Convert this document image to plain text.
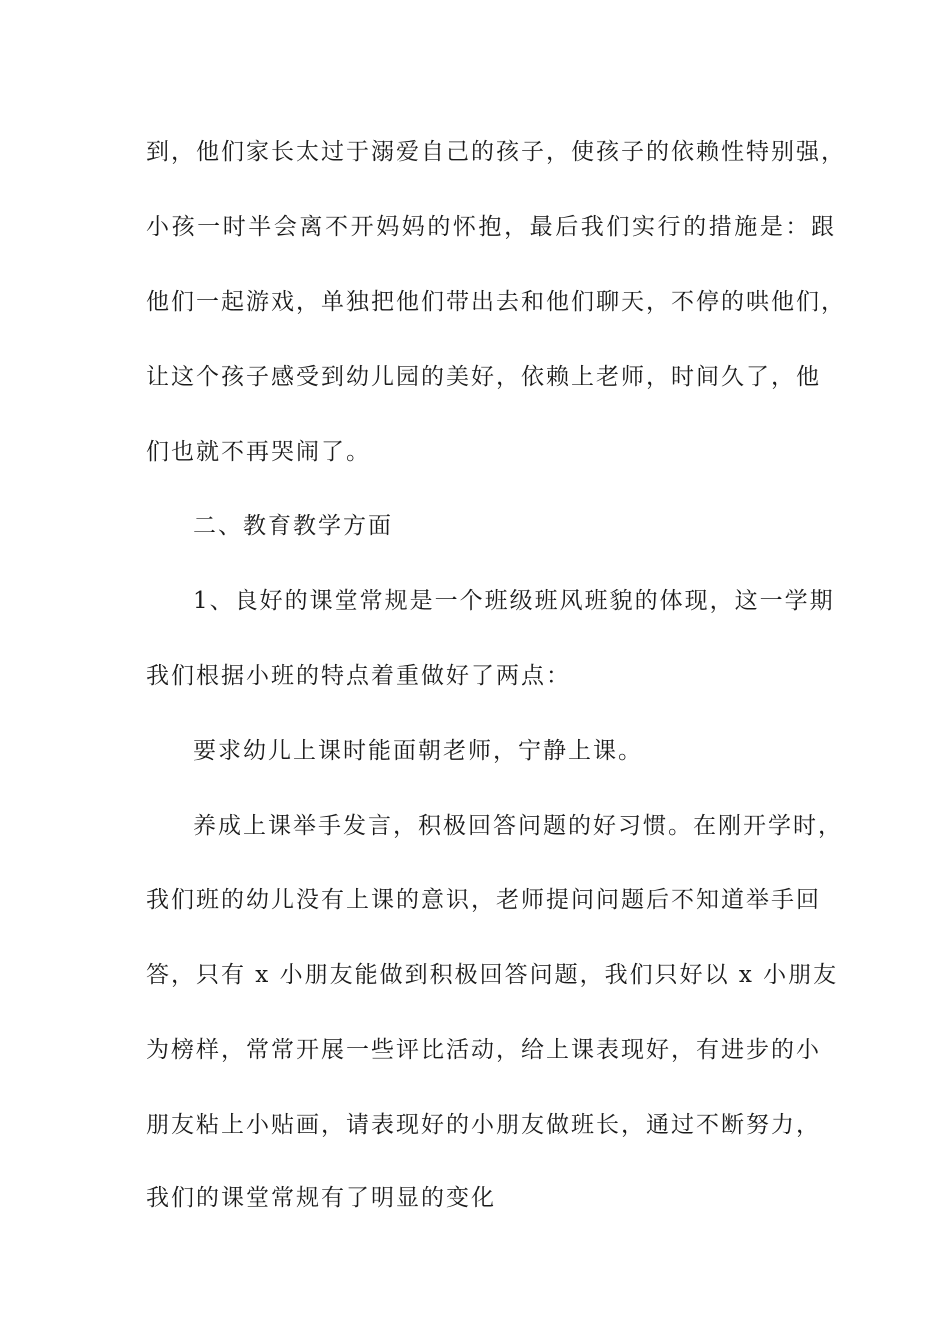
到，他们家长太过于溺爱自己的孩子，使孩子的依赖性特别强，
小孩一时半会离不开妈妈的怀抱，最后我们实行的措施是：跟
他们一起游戏，单独把他们带出去和他们聊天，不停的哄他们，
让这个孩子感受到幼儿园的美好，依赖上老师，时间久了，他
们也就不再哭闹了。
二、教育教学方面
1、良好的课堂常规是一个班级班风班貌的体现，这一学期
我们根据小班的特点着重做好了两点：
要求幼儿上课时能面朝老师，宁静上课。
养成上课举手发言，积极回答问题的好习惯。在刚开学时，
我们班的幼儿没有上课的意识，老师提问问题后不知道举手回
答，只有 x 小朋友能做到积极回答问题，我们只好以 x 小朋友
为榜样，常常开展一些评比活动，给上课表现好，有进步的小
朋友粘上小贴画，请表现好的小朋友做班长，通过不断努力，
我们的课堂常规有了明显的变化
